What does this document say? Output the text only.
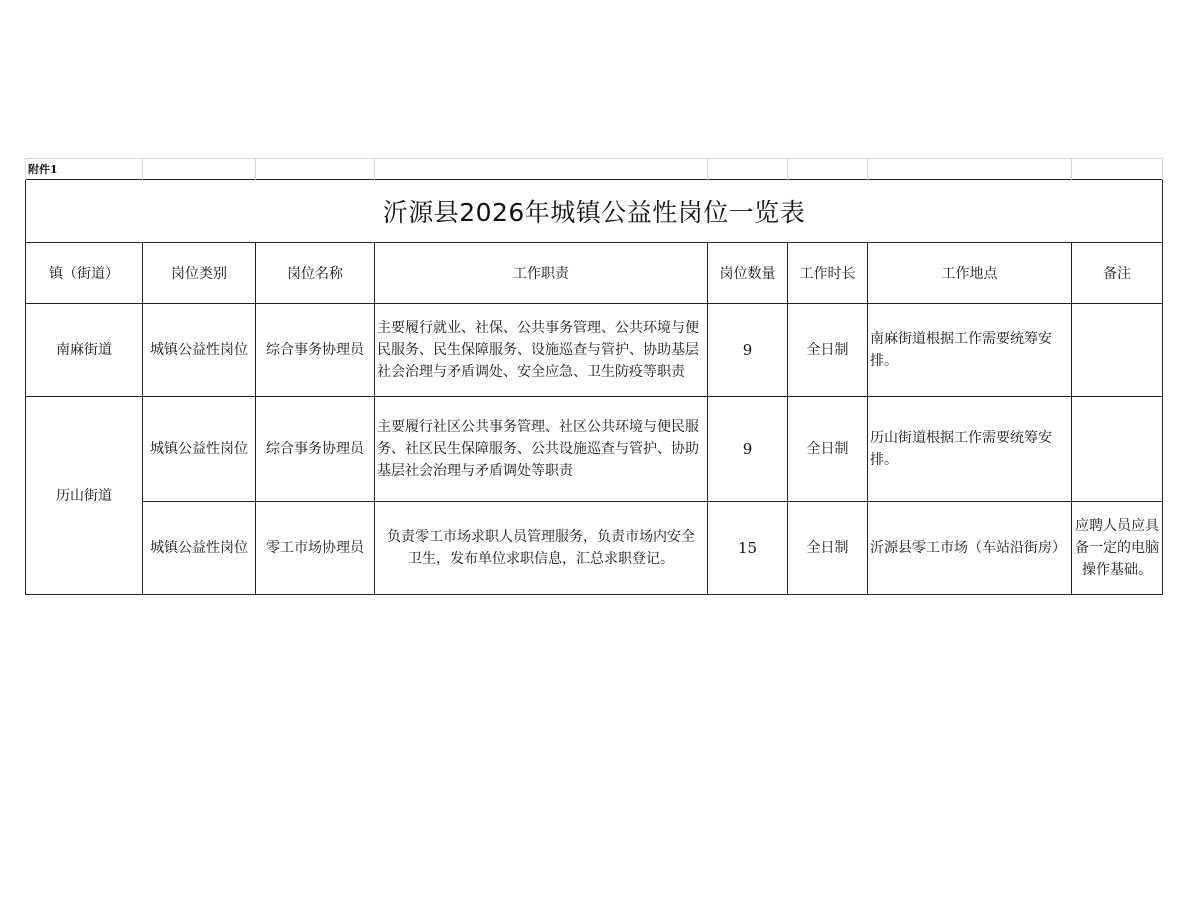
附件1							
沂源县2026年城镇公益性岗位一览表							
镇（街道）	岗位类别	岗位名称	工作职责	岗位数量	工作时长	工作地点	备注
南麻街道	城镇公益性岗位	综合事务协理员	主要履行就业、社保、公共事务管理、公共环境与便民服务、民生保障服务、设施巡查与管护、协助基层社会治理与矛盾调处、安全应急、卫生防疫等职责	9	全日制	南麻街道根据工作需要统筹安排。	
历山街道	城镇公益性岗位	综合事务协理员	主要履行社区公共事务管理、社区公共环境与便民服务、社区民生保障服务、公共设施巡查与管护、协助基层社会治理与矛盾调处等职责	9	全日制	历山街道根据工作需要统筹安排。	
	城镇公益性岗位	零工市场协理员	负责零工市场求职人员管理服务，负责市场内安全卫生，发布单位求职信息，汇总求职登记。	15	全日制	沂源县零工市场（车站沿街房）	应聘人员应具备一定的电脑操作基础。
